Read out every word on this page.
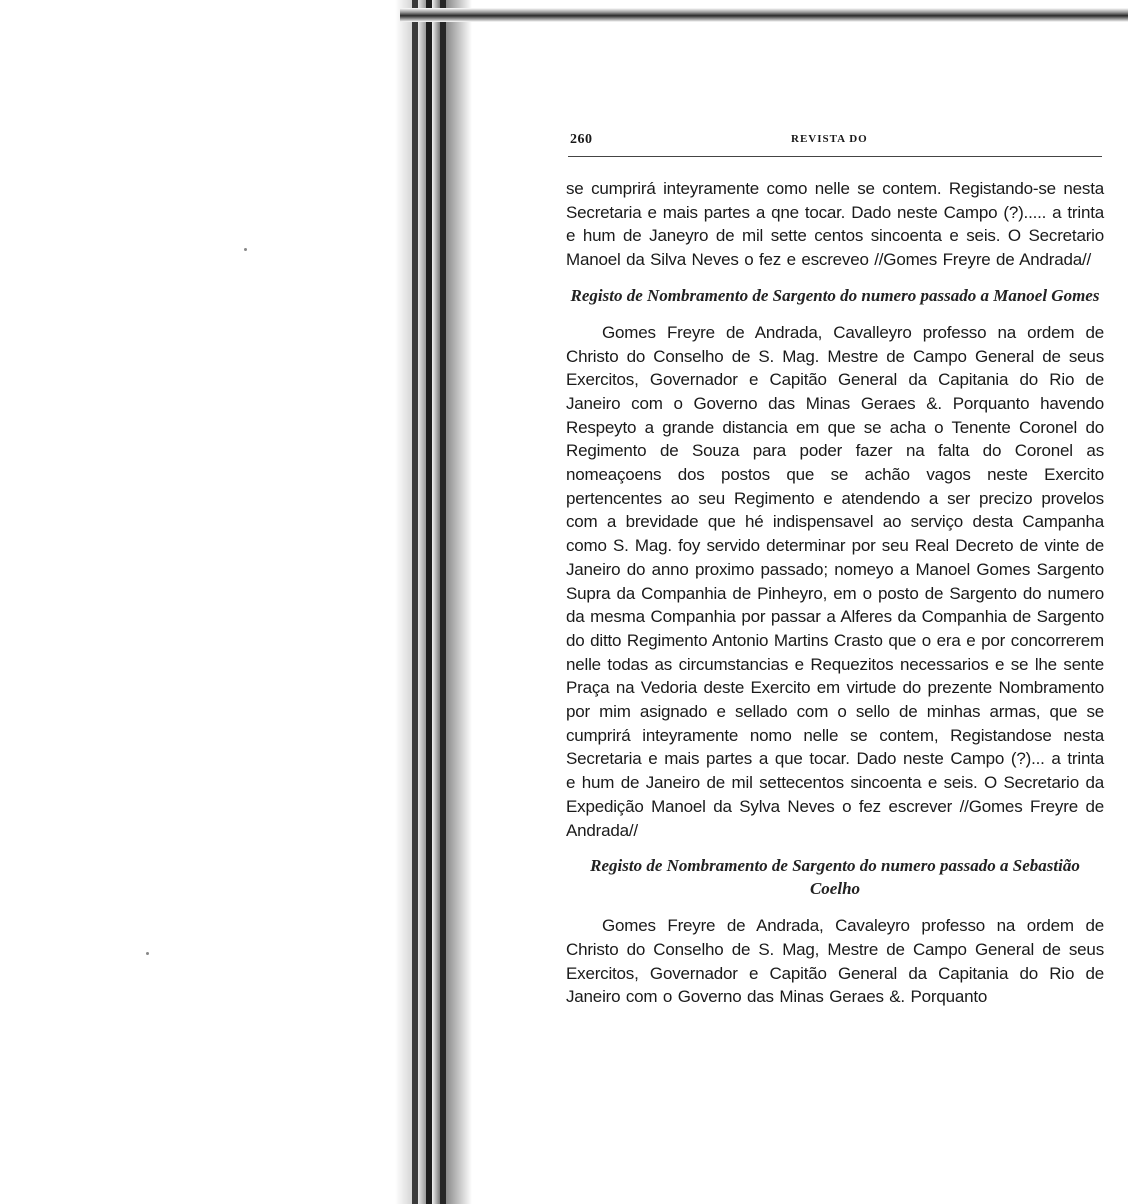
260	REVISTA DO

se cumprirá inteyramente como nelle se contem. Registando-se nesta Secretaria e mais partes a qne tocar. Dado neste Campo (?)..... a trinta e hum de Janeyro de mil sette centos sincoenta e seis. O Secretario Manoel da Silva Neves o fez e escreveo //Gomes Freyre de Andrada//

Registo de Nombramento de Sargento do numero passado a Manoel Gomes

Gomes Freyre de Andrada, Cavalleyro professo na ordem de Christo do Conselho de S. Mag. Mestre de Campo General de seus Exercitos, Governador e Capitão General da Capitania do Rio de Janeiro com o Governo das Minas Geraes &. Porquanto havendo Respeyto a grande distancia em que se acha o Tenente Coronel do Regimento de Souza para poder fazer na falta do Coronel as nomeaçoens dos postos que se achão vagos neste Exercito pertencentes ao seu Regimento e atendendo a ser precizo provelos com a brevidade que hé indispensavel ao serviço desta Campanha como S. Mag. foy servido determinar por seu Real Decreto de vinte de Janeiro do anno proximo passado; nomeyo a Manoel Gomes Sargento Supra da Companhia de Pinheyro, em o posto de Sargento do numero da mesma Companhia por passar a Alferes da Companhia de Sargento do ditto Regimento Antonio Martins Crasto que o era e por concorrerem nelle todas as circumstancias e Requezitos necessarios e se lhe sente Praça na Vedoria deste Exercito em virtude do prezente Nombramento por mim asignado e sellado com o sello de minhas armas, que se cumprirá inteyramente nomo nelle se contem, Registandose nesta Secretaria e mais partes a que tocar. Dado neste Campo (?)... a trinta e hum de Janeiro de mil settecentos sincoenta e seis. O Secretario da Expedição Manoel da Sylva Neves o fez escrever //Gomes Freyre de Andrada//

Registo de Nombramento de Sargento do numero passado a Sebastião Coelho

Gomes Freyre de Andrada, Cavaleyro professo na ordem de Christo do Conselho de S. Mag, Mestre de Campo General de seus Exercitos, Governador e Capitão General da Capitania do Rio de Janeiro com o Governo das Minas Geraes &. Porquanto
